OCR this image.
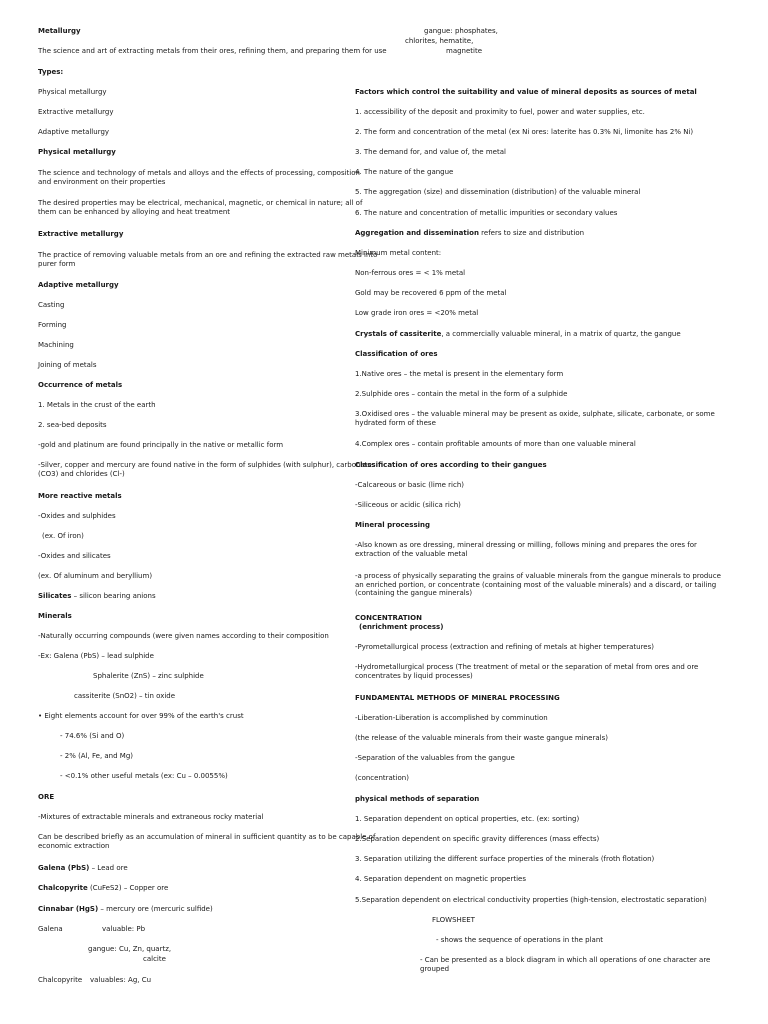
Metallurgy
The science and art of extracting metals from their ores, refining them, and preparing them for use
Types:
Physical metallurgy
Extractive metallurgy
Adaptive metallurgy
Physical metallurgy
The science and technology of metals and alloys and the effects of processing, composition and environment on their properties
The desired properties may be electrical, mechanical, magnetic, or chemical in nature; all of them can be enhanced by alloying and heat treatment
Extractive metallurgy
The practice of removing valuable metals from an ore and refining the extracted raw metals into purer form
Adaptive metallurgy
Casting
Forming
Machining
Joining of metals
Occurrence of metals
1. Metals in the crust of the earth
2. sea-bed deposits
-gold and platinum are found principally in the native or metallic form
-Silver, copper and mercury are found native in the form of sulphides (with sulphur), carbonates (CO3) and chlorides (Cl-)
More reactive metals
-Oxides and sulphides
(ex. Of iron)
-Oxides and silicates
(ex. Of aluminum and beryllium)
Silicates – silicon bearing anions
Minerals
-Naturally occurring compounds (were given names according to their composition
-Ex: Galena (PbS) – lead sulphide
Sphalerite (ZnS) – zinc sulphide
cassiterite (SnO2) – tin oxide
• Eight elements account for over 99% of the earth's crust
- 74.6% (Si and O)
- 2% (Al, Fe, and Mg)
- <0.1% other useful metals (ex: Cu – 0.0055%)
ORE
-Mixtures of extractable minerals and extraneous rocky material
Can be described briefly as an accumulation of mineral in sufficient quantity as to be capable of economic extraction
Galena (PbS) – Lead ore
Chalcopyrite (CuFeS2) – Copper ore
Cinnabar (HgS) – mercury ore (mercuric sulfide)
Galena	valuable: Pb
gangue: Cu, Zn, quartz,
calcite
Chalcopyrite valuables: Ag, Cu
gangue: phosphates,
chlorites, hematite,
magnetite
Factors which control the suitability and value of mineral deposits as sources of metal
1. accessibility of the deposit and proximity to fuel, power and water supplies, etc.
2. The form and concentration of the metal (ex Ni ores: laterite has 0.3% Ni, limonite has 2% Ni)
3. The demand for, and value of, the metal
4. The nature of the gangue
5. The aggregation (size) and dissemination (distribution) of the valuable mineral
6. The nature and concentration of metallic impurities or secondary values
Aggregation and dissemination refers to size and distribution
Minimum metal content:
Non-ferrous ores = < 1% metal
Gold may be recovered 6 ppm of the metal
Low grade iron ores = <20% metal
Crystals of cassiterite, a commercially valuable mineral, in a matrix of quartz, the gangue
Classification of ores
1.Native ores – the metal is present in the elementary form
2.Sulphide ores – contain the metal in the form of a sulphide
3.Oxidised ores – the valuable mineral may be present as oxide, sulphate, silicate, carbonate, or some hydrated form of these
4.Complex ores – contain profitable amounts of more than one valuable mineral
Classification of ores according to their gangues
-Calcareous or basic (lime rich)
-Siliceous or acidic (silica rich)
Mineral processing
-Also known as ore dressing, mineral dressing or milling, follows mining and prepares the ores for extraction of the valuable metal
-a process of physically separating the grains of valuable minerals from the gangue minerals to produce an enriched portion, or concentrate (containing most of the valuable minerals) and a discard, or tailing (containing the gangue minerals)
CONCENTRATION
(enrichment process)
-Pyrometallurgical process (extraction and refining of metals at higher temperatures)
-Hydrometallurgical process (The treatment of metal or the separation of metal from ores and ore concentrates by liquid processes)
FUNDAMENTAL METHODS OF MINERAL PROCESSING
-Liberation-Liberation is accomplished by comminution
(the release of the valuable minerals from their waste gangue minerals)
-Separation of the valuables from the gangue
(concentration)
physical methods of separation
1. Separation dependent on optical properties, etc. (ex: sorting)
2.Separation dependent on specific gravity differences (mass effects)
3. Separation utilizing the different surface properties of the minerals (froth flotation)
4. Separation dependent on magnetic properties
5.Separation dependent on electrical conductivity properties (high-tension, electrostatic separation)
FLOWSHEET
- shows the sequence of operations in the plant
- Can be presented as a block diagram in which all operations of one character are grouped
